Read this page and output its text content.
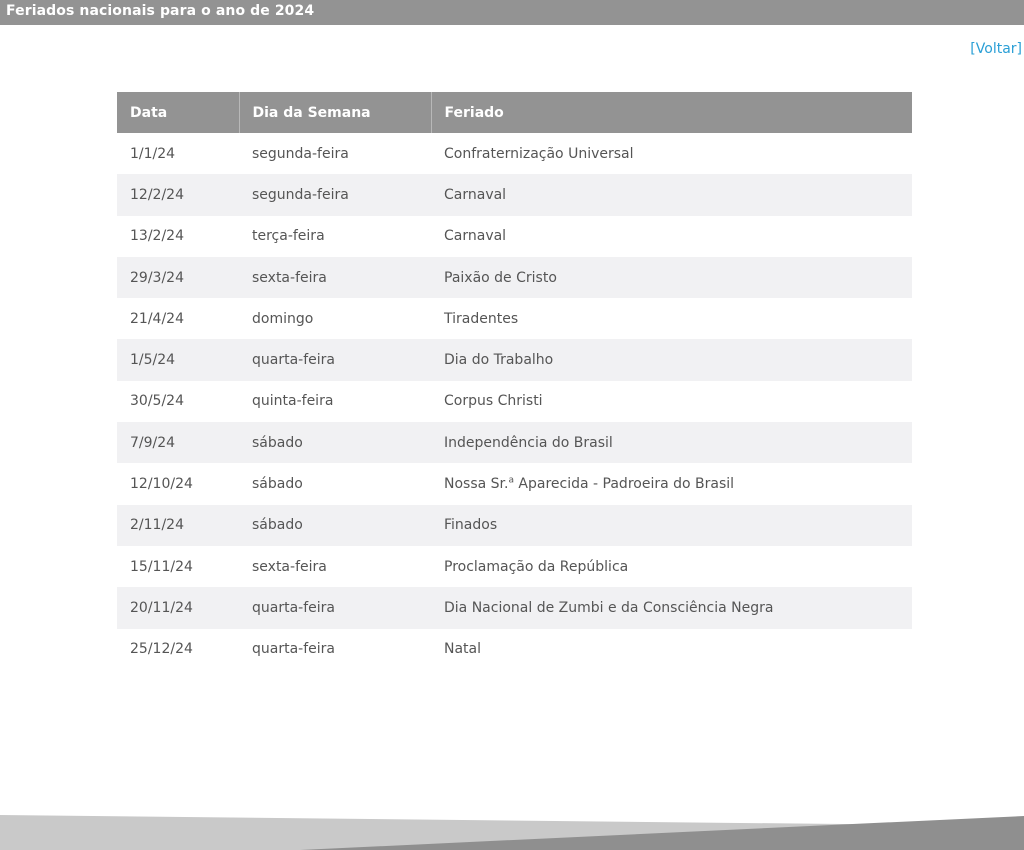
Feriados nacionais para o ano de 2024
[Voltar]
Data	Dia da Semana	Feriado
1/1/24	segunda-feira	Confraternização Universal
12/2/24	segunda-feira	Carnaval
13/2/24	terça-feira	Carnaval
29/3/24	sexta-feira	Paixão de Cristo
21/4/24	domingo	Tiradentes
1/5/24	quarta-feira	Dia do Trabalho
30/5/24	quinta-feira	Corpus Christi
7/9/24	sábado	Independência do Brasil
12/10/24	sábado	Nossa Sr.$^a$ Aparecida - Padroeira do Brasil
2/11/24	sábado	Finados
15/11/24	sexta-feira	Proclamação da República
20/11/24	quarta-feira	Dia Nacional de Zumbi e da Consciência Negra
25/12/24	quarta-feira	Natal
